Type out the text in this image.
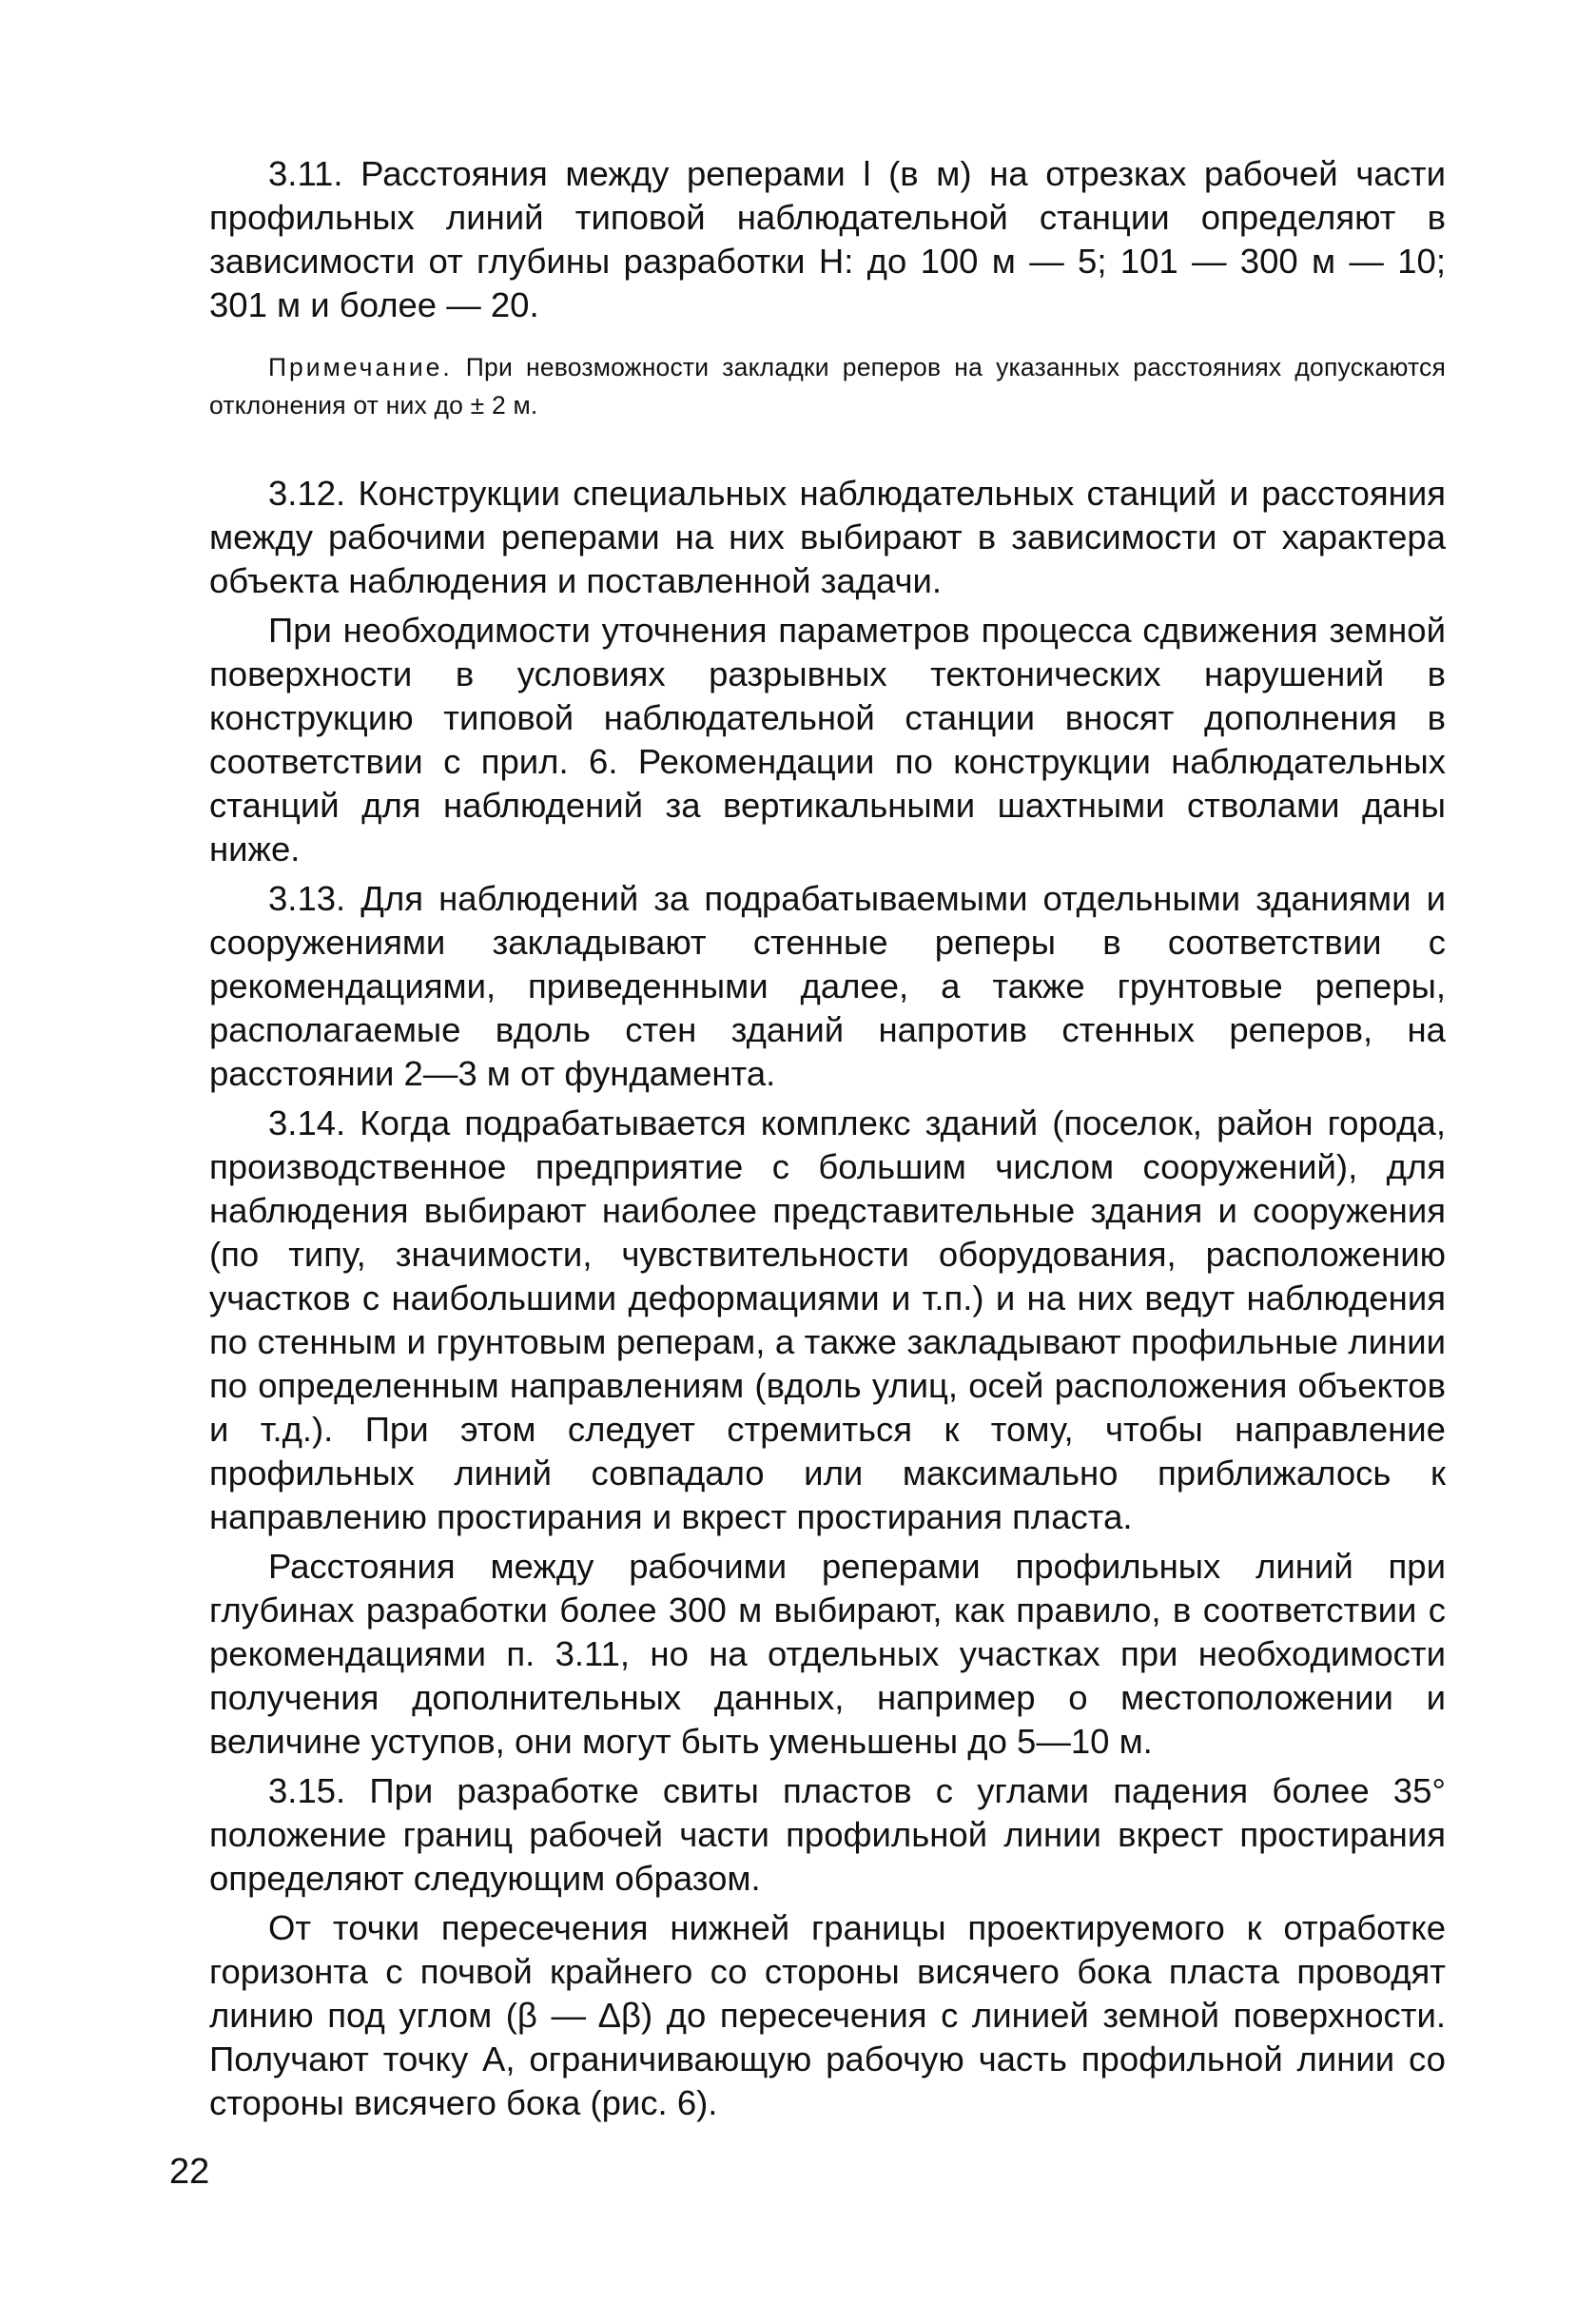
3.11. Расстояния между реперами l (в м) на отрезках рабочей части профильных линий типовой наблюдательной станции определяют в зависимости от глубины разработки H: до 100 м — 5; 101 — 300 м — 10; 301 м и более — 20.

Примечание. При невозможности закладки реперов на указанных расстояниях допускаются отклонения от них до ± 2 м.

3.12. Конструкции специальных наблюдательных станций и расстояния между рабочими реперами на них выбирают в зависимости от характера объекта наблюдения и поставленной задачи.

При необходимости уточнения параметров процесса сдвижения земной поверхности в условиях разрывных тектонических нарушений в конструкцию типовой наблюдательной станции вносят дополнения в соответствии с прил. 6. Рекомендации по конструкции наблюдательных станций для наблюдений за вертикальными шахтными стволами даны ниже.

3.13. Для наблюдений за подрабатываемыми отдельными зданиями и сооружениями закладывают стенные реперы в соответствии с рекомендациями, приведенными далее, а также грунтовые реперы, располагаемые вдоль стен зданий напротив стенных реперов, на расстоянии 2—3 м от фундамента.

3.14. Когда подрабатывается комплекс зданий (поселок, район города, производственное предприятие с большим числом сооружений), для наблюдения выбирают наиболее представительные здания и сооружения (по типу, значимости, чувствительности оборудования, расположению участков с наибольшими деформациями и т.п.) и на них ведут наблюдения по стенным и грунтовым реперам, а также закладывают профильные линии по определенным направлениям (вдоль улиц, осей расположения объектов и т.д.). При этом следует стремиться к тому, чтобы направление профильных линий совпадало или максимально приближалось к направлению простирания и вкрест простирания пласта.

Расстояния между рабочими реперами профильных линий при глубинах разработки более 300 м выбирают, как правило, в соответствии с рекомендациями п. 3.11, но на отдельных участках при необходимости получения дополнительных данных, например о местоположении и величине уступов, они могут быть уменьшены до 5—10 м.

3.15. При разработке свиты пластов с углами падения более 35° положение границ рабочей части профильной линии вкрест простирания определяют следующим образом.

От точки пересечения нижней границы проектируемого к отработке горизонта с почвой крайнего со стороны висячего бока пласта проводят линию под углом (β — Δβ) до пересечения с линией земной поверхности. Получают точку A, ограничивающую рабочую часть профильной линии со стороны висячего бока (рис. 6).

22
